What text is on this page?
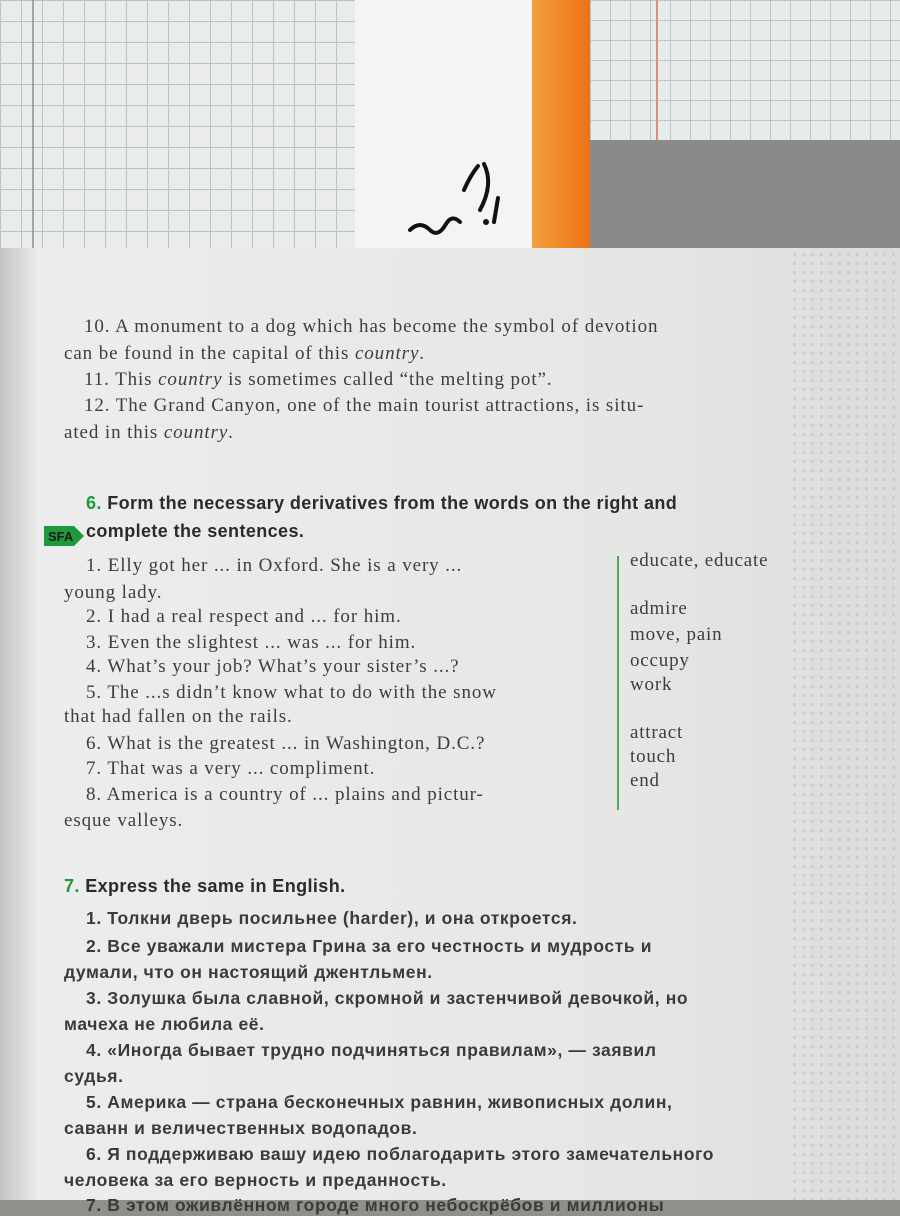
10. A monument to a dog which has become the symbol of devotion
can be found in the capital of this country.
11. This country is sometimes called “the melting pot”.
12. The Grand Canyon, one of the main tourist attractions, is situ-
ated in this country.
6. Form the necessary derivatives from the words on the right and
complete the sentences.
SFA
1. Elly got her ... in Oxford. She is a very ...
young lady.
2. I had a real respect and ... for him.
3. Even the slightest ... was ... for him.
4. What’s your job? What’s your sister’s ...?
5. The ...s didn’t know what to do with the snow
that had fallen on the rails.
6. What is the greatest ... in Washington, D.C.?
7. That was a very ... compliment.
8. America is a country of ... plains and pictur-
esque valleys.
educate, educate
admire
move, pain
occupy
work
attract
touch
end
7. Express the same in English.
1. Толкни дверь посильнее (harder), и она откроется.
2. Все уважали мистера Грина за его честность и мудрость и
думали, что он настоящий джентльмен.
3. Золушка была славной, скромной и застенчивой девочкой, но
мачеха не любила её.
4. «Иногда бывает трудно подчиняться правилам», — заявил
судья.
5. Америка — страна бесконечных равнин, живописных долин,
саванн и величественных водопадов.
6. Я поддерживаю вашу идею поблагодарить этого замечательного
человека за его верность и преданность.
7. В этом оживлённом городе много небоскрёбов и миллионы
